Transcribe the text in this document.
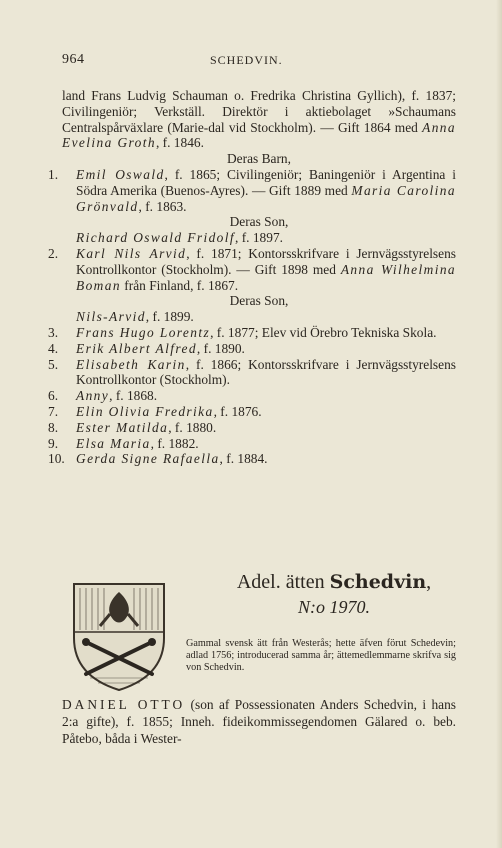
964	SCHEDVIN.

land Frans Ludvig Schauman o. Fredrika Christina Gyllich), f. 1837; Civilingeniör; Verkställ. Direktör i aktiebolaget »Schaumans Centralspårväxlare (Marie-dal vid Stockholm). — Gift 1864 med Anna Evelina Groth, f. 1846.

Deras Barn,

1. Emil Oswald, f. 1865; Civilingeniör; Baningeniör i Argentina i Södra Amerika (Buenos-Ayres). — Gift 1889 med Maria Carolina Grönvald, f. 1863.

Deras Son,

Richard Oswald Fridolf, f. 1897.

2. Karl Nils Arvid, f. 1871; Kontorsskrifvare i Jernvägsstyrelsens Kontrollkontor (Stockholm). — Gift 1898 med Anna Wilhelmina Boman från Finland, f. 1867.

Deras Son,

Nils-Arvid, f. 1899.

3. Frans Hugo Lorentz, f. 1877; Elev vid Örebro Tekniska Skola.

4. Erik Albert Alfred, f. 1890.

5. Elisabeth Karin, f. 1866; Kontorsskrifvare i Jernvägsstyrelsens Kontrollkontor (Stockholm).

6. Anny, f. 1868.

7. Elin Olivia Fredrika, f. 1876.

8. Ester Matilda, f. 1880.

9. Elsa Maria, f. 1882.

10. Gerda Signe Rafaella, f. 1884.

Adel. ätten Schedvin,
N:o 1970.
Gammal svensk ätt från Westerås; hette äfven förut Schedevin; adlad 1756; introducerad samma år; ättemedlemmarne skrifva sig von Schedvin.
DANIEL OTTO (son af Possessionaten Anders Schedvin, i hans 2:a gifte), f. 1855; Inneh. fideikommissegendomen Gälared o. beb. Påtebo, båda i Wester-
